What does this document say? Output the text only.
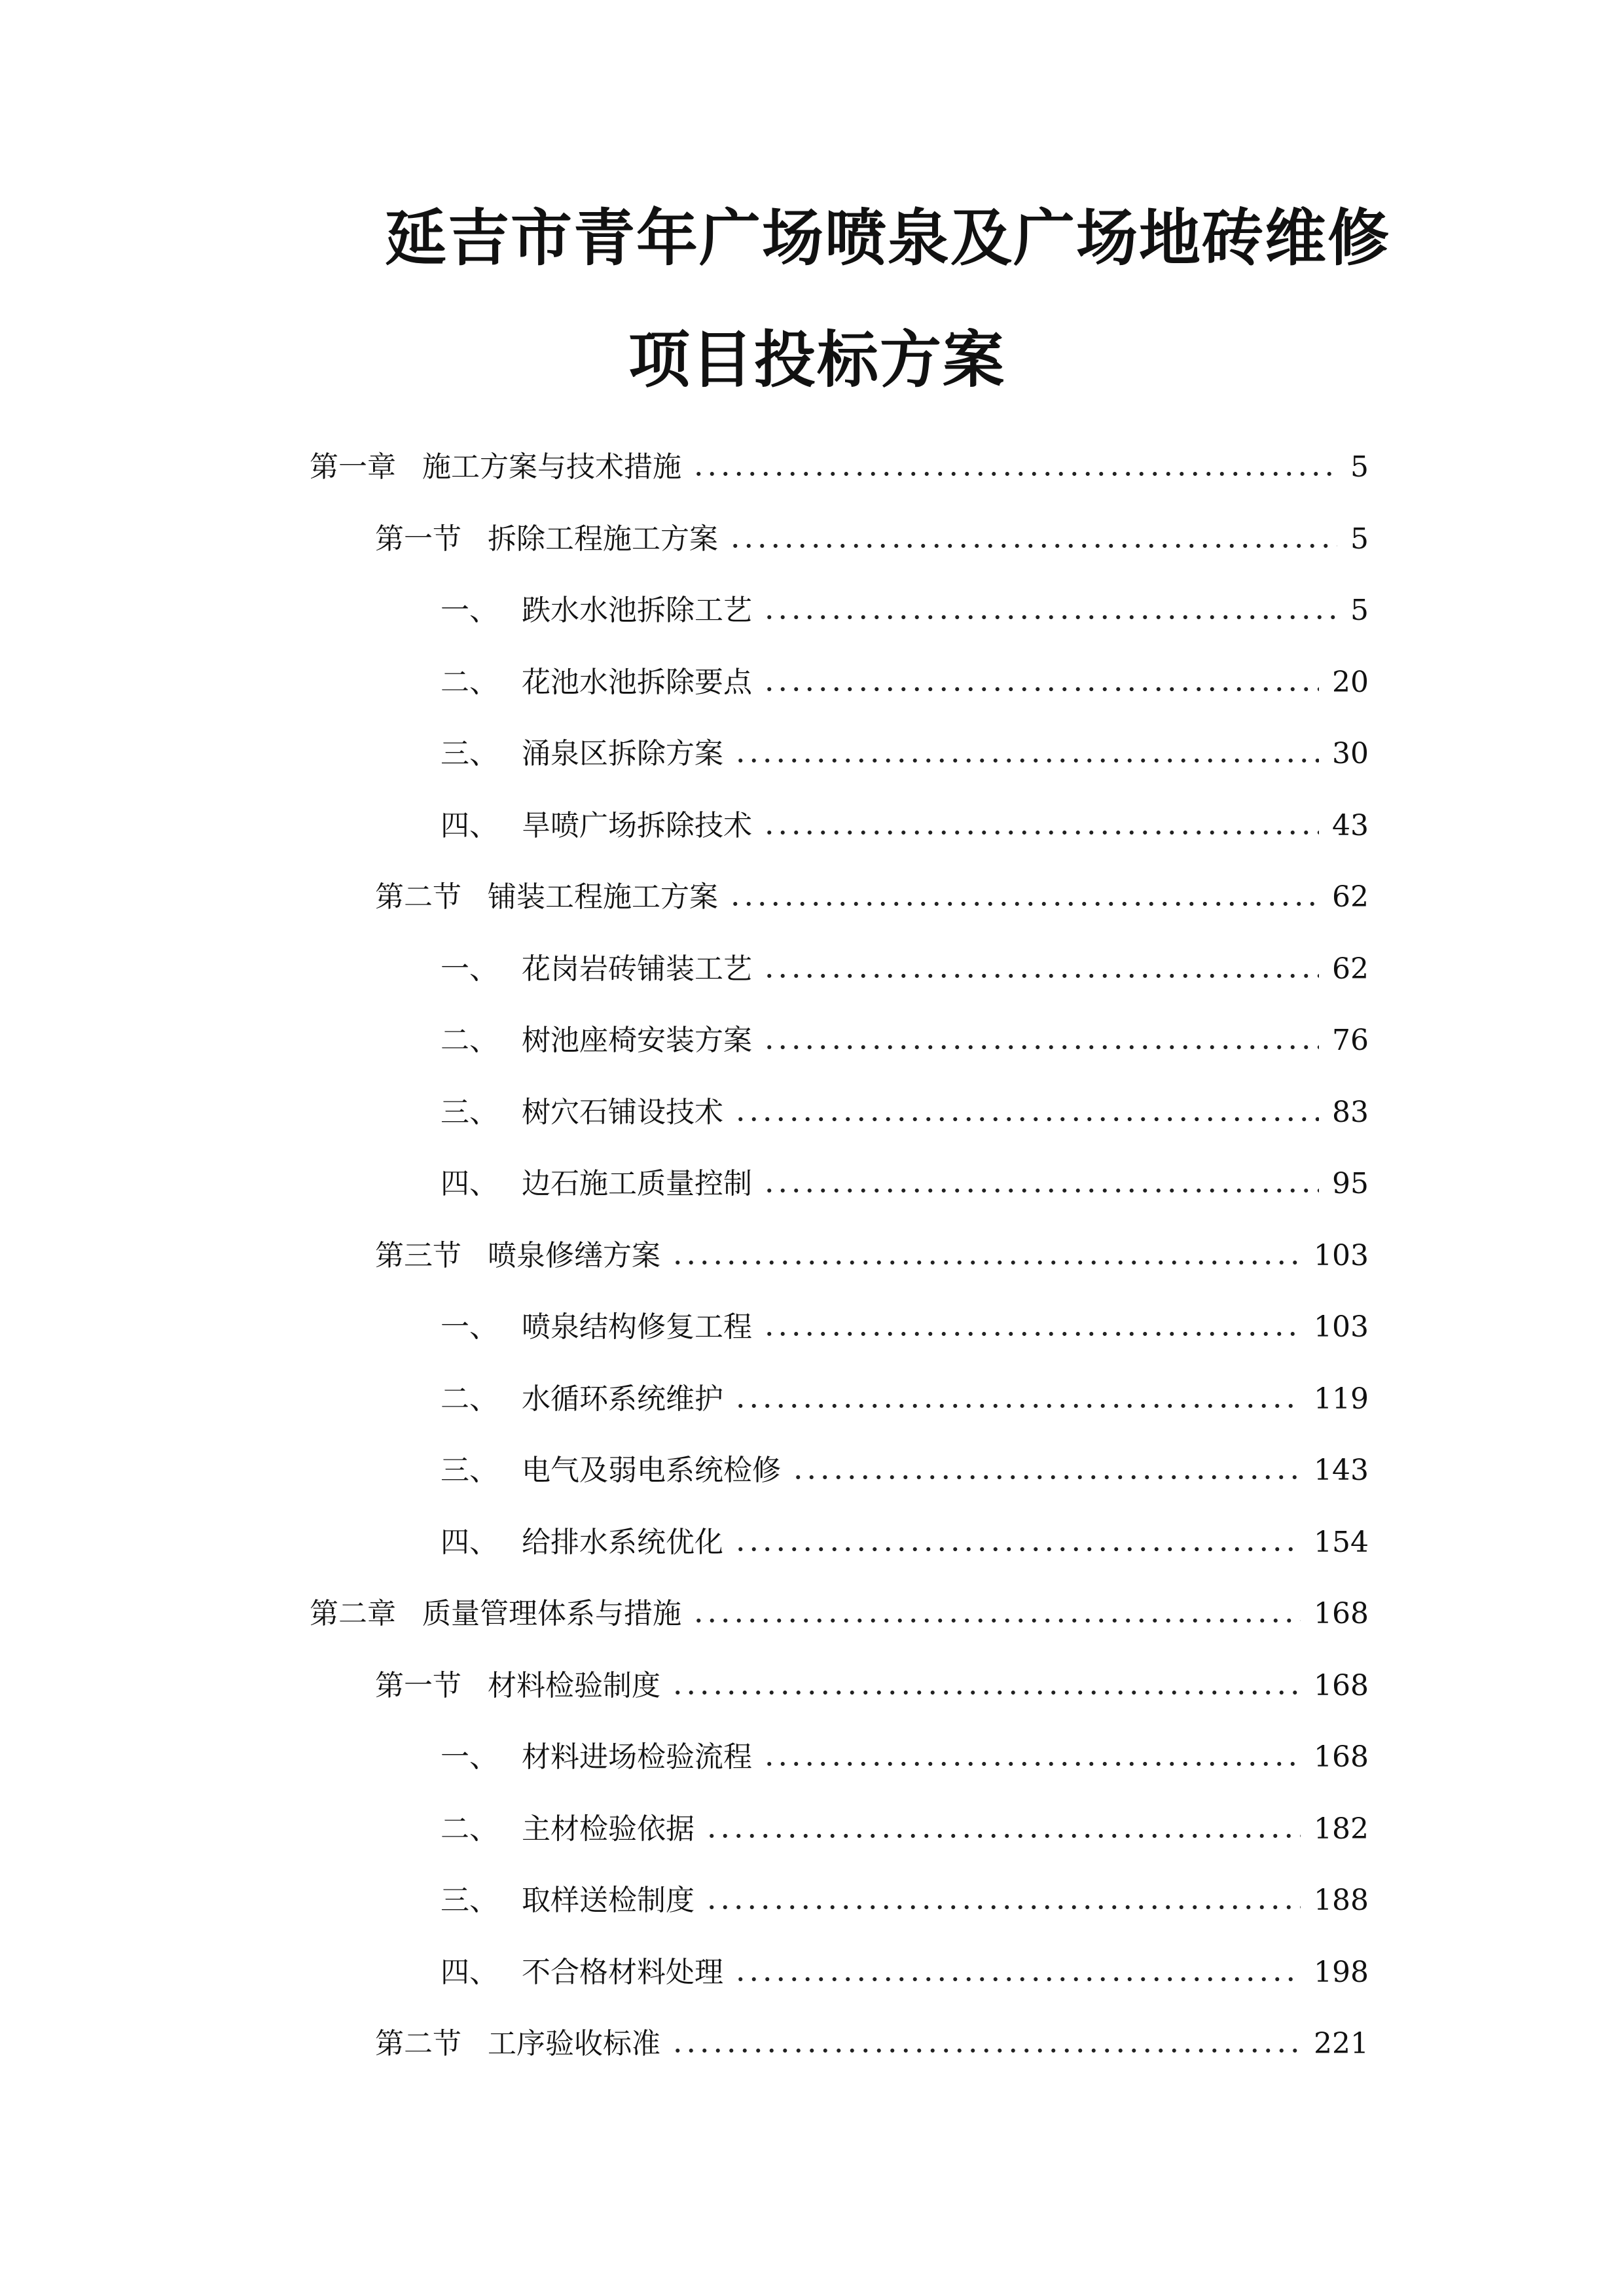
延吉市青年广场喷泉及广场地砖维修
项目投标方案
第一章 施工方案与技术措施	5
第一节 拆除工程施工方案	5
一、 跌水水池拆除工艺	5
二、 花池水池拆除要点	20
三、 涌泉区拆除方案	30
四、 旱喷广场拆除技术	43
第二节 铺装工程施工方案	62
一、 花岗岩砖铺装工艺	62
二、 树池座椅安装方案	76
三、 树穴石铺设技术	83
四、 边石施工质量控制	95
第三节 喷泉修缮方案	103
一、 喷泉结构修复工程	103
二、 水循环系统维护	119
三、 电气及弱电系统检修	143
四、 给排水系统优化	154
第二章 质量管理体系与措施	168
第一节 材料检验制度	168
一、 材料进场检验流程	168
二、 主材检验依据	182
三、 取样送检制度	188
四、 不合格材料处理	198
第二节 工序验收标准	221
